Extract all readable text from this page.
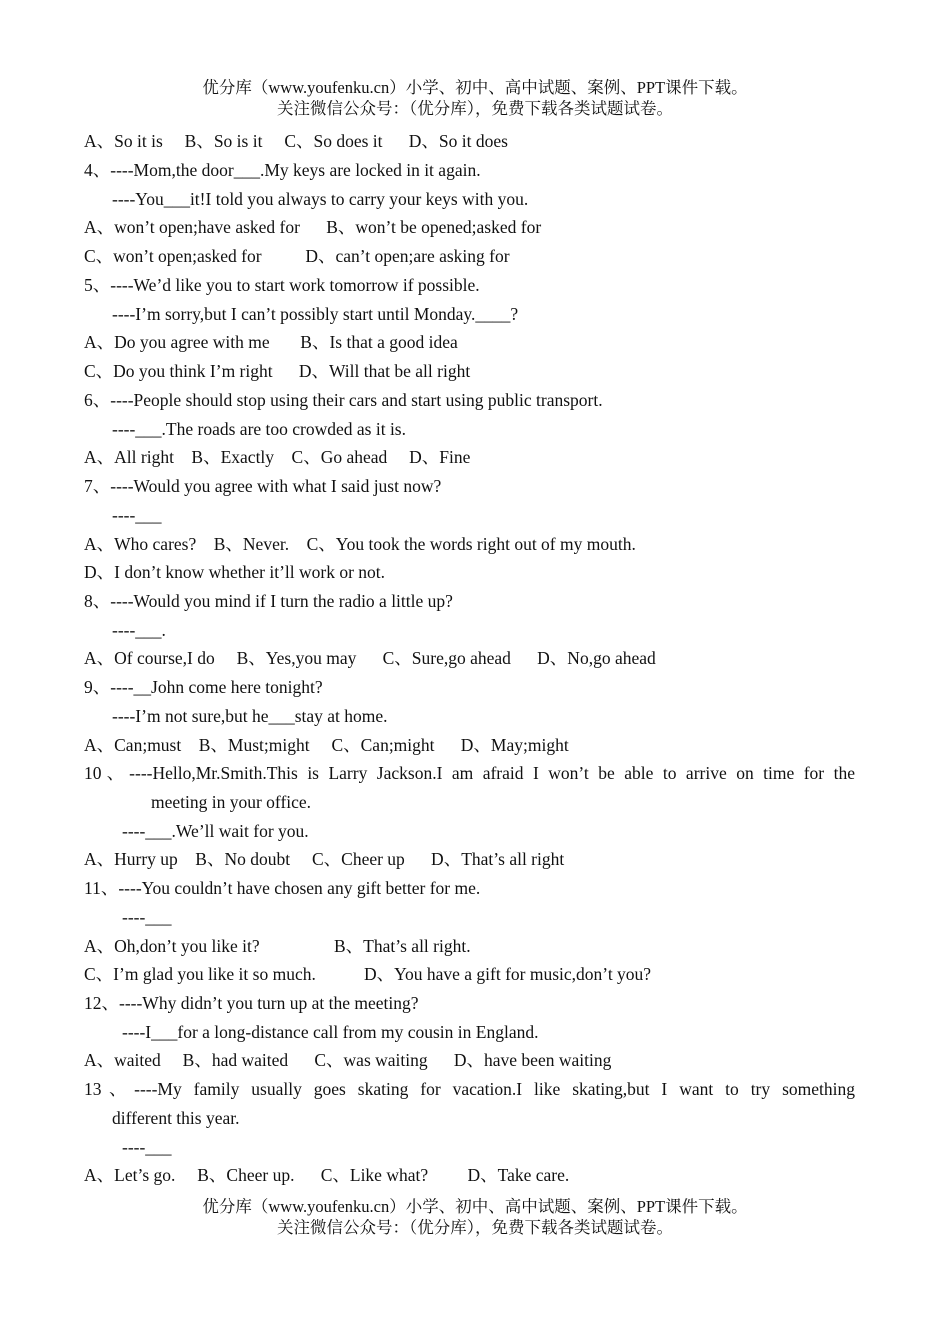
优分库（www.youfenku.cn）小学、初中、高中试题、案例、PPT课件下载。
关注微信公众号：（优分库），免费下载各类试题试卷。
A、So it is     B、So is it     C、So does it      D、So it does
4、----Mom,the door___.My keys are locked in it again.
----You___it!I told you always to carry your keys with you.
A、won’t open;have asked for      B、won’t be opened;asked for
C、won’t open;asked for          D、can’t open;are asking for
5、----We’d like you to start work tomorrow if possible.
----I’m sorry,but I can’t possibly start until Monday.____?
A、Do you agree with me       B、Is that a good idea
C、Do you think I’m right      D、Will that be all right
6、----People should stop using their cars and start using public transport.
----___.The roads are too crowded as it is.
A、All right    B、Exactly    C、Go ahead     D、Fine
7、----Would you agree with what I said just now?
----___
A、Who cares?    B、Never.    C、You took the words right out of my mouth.
D、I don’t know whether it’ll work or not.
8、----Would you mind if I turn the radio a little up?
----___.
A、Of course,I do     B、Yes,you may      C、Sure,go ahead      D、No,go ahead
9、----__John come here tonight?
----I’m not sure,but he___stay at home.
A、Can;must    B、Must;might     C、Can;might      D、May;might
10、----Hello,Mr.Smith.This is Larry Jackson.I am afraid I won’t be able to arrive on time for the
meeting in your office.
----___.We’ll wait for you.
A、Hurry up    B、No doubt     C、Cheer up      D、That’s all right
11、----You couldn’t have chosen any gift better for me.
----___
A、Oh,don’t you like it?                 B、That’s all right.
C、I’m glad you like it so much.           D、You have a gift for music,don’t you?
12、----Why didn’t you turn up at the meeting?
----I___for a long-distance call from my cousin in England.
A、waited     B、had waited      C、was waiting      D、have been waiting
13、----My family usually goes skating for vacation.I like skating,but I want to try something
different this year.
----___
A、Let’s go.     B、Cheer up.      C、Like what?         D、Take care.
优分库（www.youfenku.cn）小学、初中、高中试题、案例、PPT课件下载。
关注微信公众号：（优分库），免费下载各类试题试卷。
